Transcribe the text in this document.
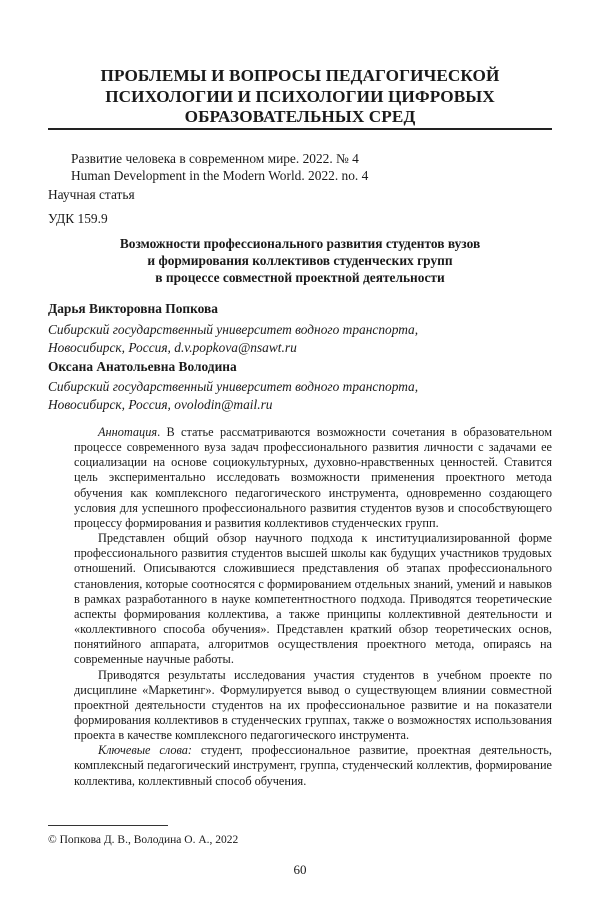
ПРОБЛЕМЫ И ВОПРОСЫ ПЕДАГОГИЧЕСКОЙ
ПСИХОЛОГИИ И ПСИХОЛОГИИ ЦИФРОВЫХ
ОБРАЗОВАТЕЛЬНЫХ СРЕД
Развитие человека в современном мире. 2022. № 4
Human Development in the Modern World. 2022. no. 4
Научная статья
УДК 159.9
Возможности профессионального развития студентов вузов
и формирования коллективов студенческих групп
в процессе совместной проектной деятельности
Дарья Викторовна Попкова
Сибирский государственный университет водного транспорта,
Новосибирск, Россия, d.v.popkova@nsawt.ru
Оксана Анатольевна Володина
Сибирский государственный университет водного транспорта,
Новосибирск, Россия, ovolodin@mail.ru

Аннотация. В статье рассматриваются возможности сочетания в образовательном процессе современного вуза задач профессионального развития личности с задачами ее социализации на основе социокультурных, духовно-нравственных ценностей. Ставится цель экспериментально исследовать возможности применения проектного метода обучения как комплексного педагогического инструмента, одновременно создающего условия для успешного профессионального развития студентов вузов и способствующего процессу формирования и развития коллективов студенческих групп.

Представлен общий обзор научного подхода к институциализированной форме профессионального развития студентов высшей школы как будущих участников трудовых отношений. Описываются сложившиеся представления об этапах профессионального становления, которые соотносятся с формированием отдельных знаний, умений и навыков в рамках разработанного в науке компетентностного подхода. Приводятся теоретические аспекты формирования коллектива, а также принципы коллективной деятельности и «коллективного способа обучения». Представлен краткий обзор теоретических основ, понятийного аппарата, алгоритмов осуществления проектного метода, опираясь на современные научные работы.

Приводятся результаты исследования участия студентов в учебном проекте по дисциплине «Маркетинг». Формулируется вывод о существующем влиянии совместной проектной деятельности студентов на их профессиональное развитие и на показатели формирования коллективов в студенческих группах, также о возможностях использования проекта в качестве комплексного педагогического инструмента.

Ключевые слова: студент, профессиональное развитие, проектная деятельность, комплексный педагогический инструмент, группа, студенческий коллектив, формирование коллектива, коллективный способ обучения.

© Попкова Д. В., Володина О. А., 2022
60
